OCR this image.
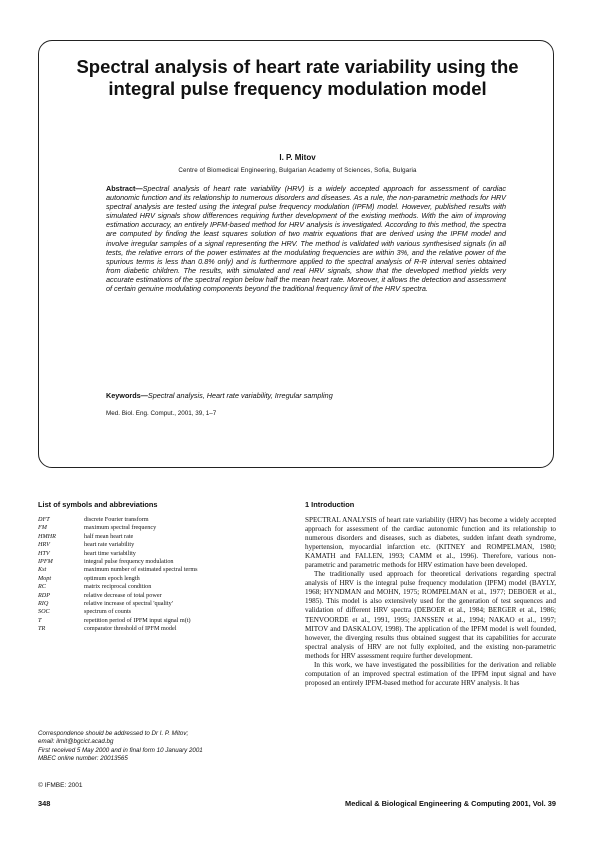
Spectral analysis of heart rate variability using the integral pulse frequency modulation model
I. P. Mitov
Centre of Biomedical Engineering, Bulgarian Academy of Sciences, Sofia, Bulgaria
Abstract—Spectral analysis of heart rate variability (HRV) is a widely accepted approach for assessment of cardiac autonomic function and its relationship to numerous disorders and diseases. As a rule, the non-parametric methods for HRV spectral analysis are tested using the integral pulse frequency modulation (IPFM) model. However, published results with simulated HRV signals show differences requiring further development of the existing methods. With the aim of improving estimation accuracy, an entirely IPFM-based method for HRV analysis is investigated. According to this method, the spectra are computed by finding the least squares solution of two matrix equations that are derived using the IPFM model and involve irregular samples of a signal representing the HRV. The method is validated with various synthesised signals (in all tests, the relative errors of the power estimates at the modulating frequencies are within 3%, and the relative power of the spurious terms is less than 0.8% only) and is furthermore applied to the spectral analysis of R-R interval series obtained from diabetic children. The results, with simulated and real HRV signals, show that the developed method yields very accurate estimations of the spectral region below half the mean heart rate. Moreover, it allows the detection and assessment of certain genuine modulating components beyond the traditional frequency limit of the HRV spectra.
Keywords—Spectral analysis, Heart rate variability, Irregular sampling
Med. Biol. Eng. Comput., 2001, 39, 1–7
List of symbols and abbreviations
DFT	discrete Fourier transform
FM	maximum spectral frequency
HMHR	half mean heart rate
HRV	heart rate variability
HTV	heart time variability
IPFM	integral pulse frequency modulation
Kst	maximum number of estimated spectral terms
Mopt	optimum epoch length
RC	matrix reciprocal condition
RDP	relative decrease of total power
RIQ	relative increase of spectral 'quality'
SOC	spectrum of counts
T	repetition period of IPFM input signal m(t)
TR	comparator threshold of IPFM model
Correspondence should be addressed to Dr I. P. Mitov;
email: ilmit@bgcict.acad.bg
First received 5 May 2000 and in final form 10 January 2001
MBEC online number: 20013565
© IFMBE: 2001
1 Introduction

SPECTRAL ANALYSIS of heart rate variability (HRV) has become a widely accepted approach for assessment of the cardiac autonomic function and its relationship to numerous disorders and diseases, such as diabetes, sudden infant death syndrome, hypertension, myocardial infarction etc. (KITNEY and ROMPELMAN, 1980; KAMATH and FALLEN, 1993; CAMM et al., 1996). Therefore, various non-parametric and parametric methods for HRV estimation have been developed.

The traditionally used approach for theoretical derivations regarding spectral analysis of HRV is the integral pulse frequency modulation (IPFM) model (BAYLY, 1968; HYNDMAN and MOHN, 1975; ROMPELMAN et al., 1977; DEBOER et al., 1985). This model is also extensively used for the generation of test sequences and validation of different HRV spectra (DEBOER et al., 1984; BERGER et al., 1986; TENVOORDE et al., 1991, 1995; JANSSEN et al., 1994; NAKAO et al., 1997; MITOV and DASKALOV, 1998). The application of the IPFM model is well founded, however, the diverging results thus obtained suggest that its capabilities for accurate spectral analysis of HRV are not fully exploited, and the existing non-parametric methods for HRV assessment require further development.

In this work, we have investigated the possibilities for the derivation and reliable computation of an improved spectral estimation of the IPFM input signal and have proposed an entirely IPFM-based method for accurate HRV analysis. It has

348	Medical & Biological Engineering & Computing 2001, Vol. 39
